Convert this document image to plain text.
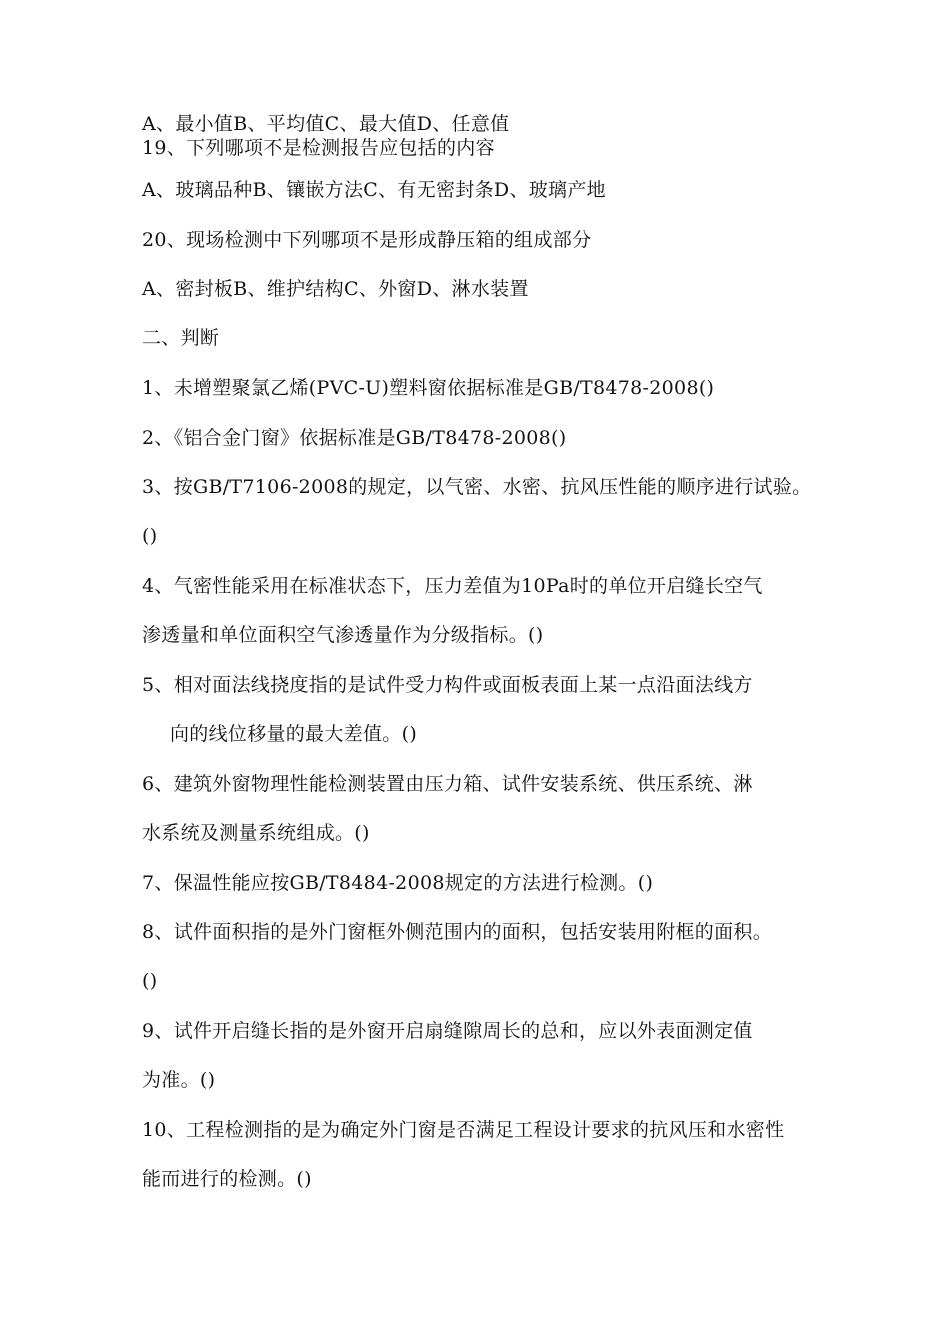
A、最小值B、平均值C、最大值D、任意值
19、下列哪项不是检测报告应包括的内容
A、玻璃品种B、镶嵌方法C、有无密封条D、玻璃产地
20、现场检测中下列哪项不是形成静压箱的组成部分
A、密封板B、维护结构C、外窗D、淋水装置
二、判断
1、未增塑聚氯乙烯(PVC-U)塑料窗依据标准是GB/T8478-2008()
2、《铝合金门窗》依据标准是GB/T8478-2008()
3、按GB/T7106-2008的规定，以气密、水密、抗风压性能的顺序进行试验。
()
4、气密性能采用在标准状态下，压力差值为10Pa时的单位开启缝长空气
渗透量和单位面积空气渗透量作为分级指标。()
5、相对面法线挠度指的是试件受力构件或面板表面上某一点沿面法线方
向的线位移量的最大差值。()
6、建筑外窗物理性能检测装置由压力箱、试件安装系统、供压系统、淋
水系统及测量系统组成。()
7、保温性能应按GB/T8484-2008规定的方法进行检测。()
8、试件面积指的是外门窗框外侧范围内的面积，包括安装用附框的面积。
()
9、试件开启缝长指的是外窗开启扇缝隙周长的总和，应以外表面测定值
为准。()
10、工程检测指的是为确定外门窗是否满足工程设计要求的抗风压和水密性
能而进行的检测。()
